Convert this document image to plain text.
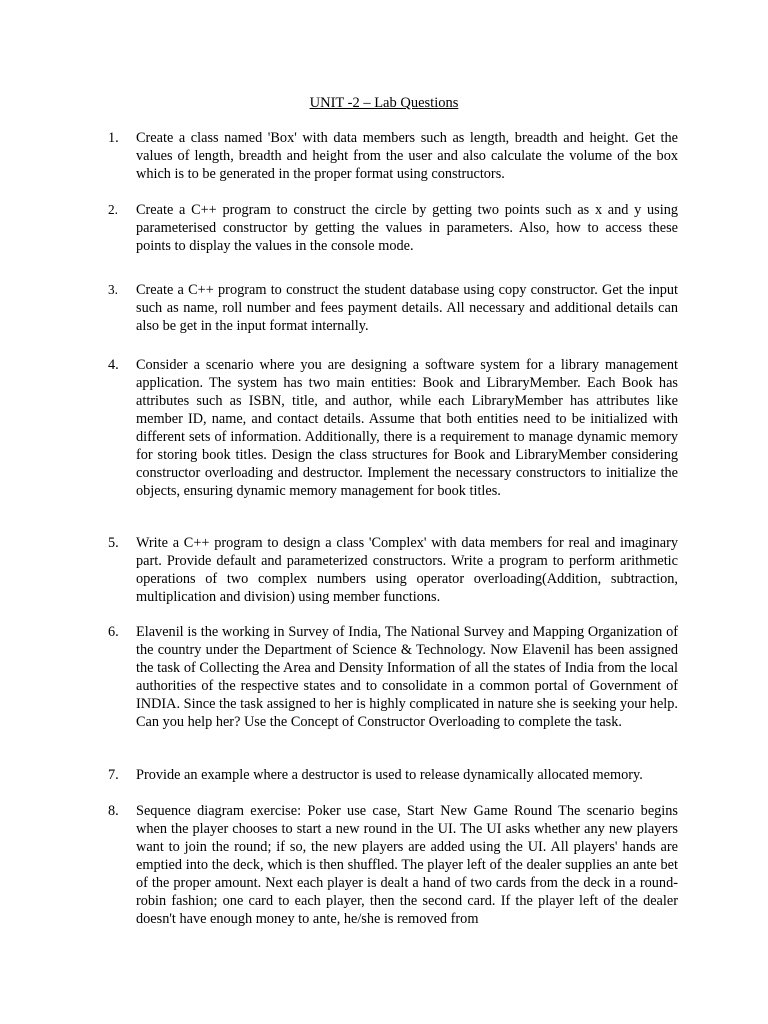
UNIT -2 – Lab Questions
1.	Create a class named 'Box' with data members such as length, breadth and height. Get the values of length, breadth and height from the user and also calculate the volume of the box which is to be generated in the proper format using constructors.
2.	Create a C++ program to construct the circle by getting two points such as x and y using parameterised constructor by getting the values in parameters. Also, how to access these points to display the values in the console mode.
3.	Create a C++ program to construct the student database using copy constructor. Get the input such as name, roll number and fees payment details. All necessary and additional details can also be get in the input format internally.
4.	Consider a scenario where you are designing a software system for a library management application. The system has two main entities: Book and LibraryMember. Each Book has attributes such as ISBN, title, and author, while each LibraryMember has attributes like member ID, name, and contact details. Assume that both entities need to be initialized with different sets of information. Additionally, there is a requirement to manage dynamic memory for storing book titles. Design the class structures for Book and LibraryMember considering constructor overloading and destructor. Implement the necessary constructors to initialize the objects, ensuring dynamic memory management for book titles.
5.	Write a C++ program to design a class 'Complex' with data members for real and imaginary part. Provide default and parameterized constructors. Write a program to perform arithmetic operations of two complex numbers using operator overloading(Addition, subtraction, multiplication and division) using member functions.
6.	Elavenil is the working in Survey of India, The National Survey and Mapping Organization of the country under the Department of Science & Technology. Now Elavenil has been assigned the task of Collecting the Area and Density Information of all the states of India from the local authorities of the respective states and to consolidate in a common portal of Government of INDIA. Since the task assigned to her is highly complicated in nature she is seeking your help. Can you help her? Use the Concept of Constructor Overloading to complete the task.
7.	Provide an example where a destructor is used to release dynamically allocated memory.
8.	Sequence diagram exercise: Poker use case, Start New Game Round The scenario begins when the player chooses to start a new round in the UI. The UI asks whether any new players want to join the round; if so, the new players are added using the UI. All players' hands are emptied into the deck, which is then shuffled. The player left of the dealer supplies an ante bet of the proper amount. Next each player is dealt a hand of two cards from the deck in a round-robin fashion; one card to each player, then the second card. If the player left of the dealer doesn't have enough money to ante, he/she is removed from
